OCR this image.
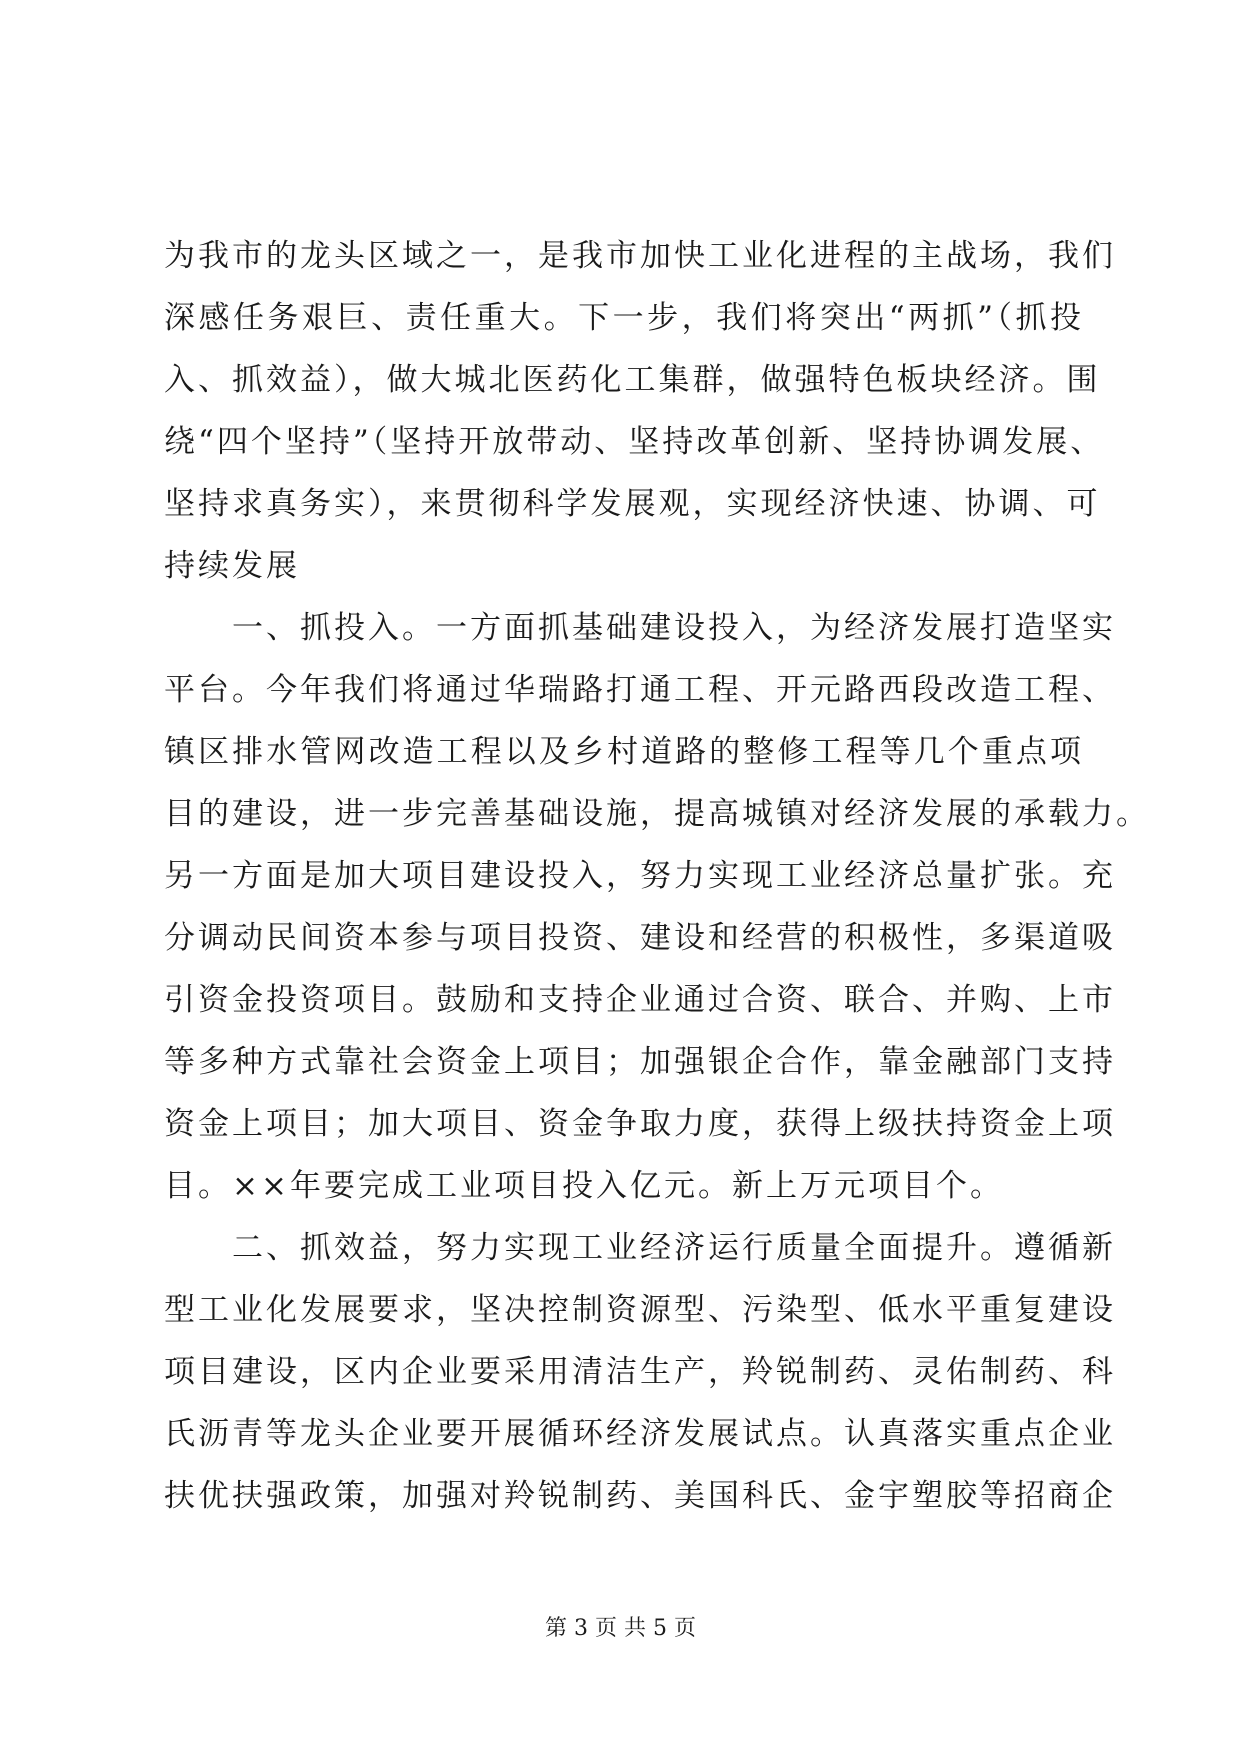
为我市的龙头区域之一，是我市加快工业化进程的主战场，我们

深感任务艰巨、责任重大。下一步，我们将突出“两抓”（抓投

入、抓效益），做大城北医药化工集群，做强特色板块经济。围

绕“四个坚持”（坚持开放带动、坚持改革创新、坚持协调发展、

坚持求真务实），来贯彻科学发展观，实现经济快速、协调、可

持续发展

　　一、抓投入。一方面抓基础建设投入，为经济发展打造坚实

平台。今年我们将通过华瑞路打通工程、开元路西段改造工程、

镇区排水管网改造工程以及乡村道路的整修工程等几个重点项

目的建设，进一步完善基础设施，提高城镇对经济发展的承载力。

另一方面是加大项目建设投入，努力实现工业经济总量扩张。充

分调动民间资本参与项目投资、建设和经营的积极性，多渠道吸

引资金投资项目。鼓励和支持企业通过合资、联合、并购、上市

等多种方式靠社会资金上项目；加强银企合作，靠金融部门支持

资金上项目；加大项目、资金争取力度，获得上级扶持资金上项

目。××年要完成工业项目投入亿元。新上万元项目个。

　　二、抓效益，努力实现工业经济运行质量全面提升。遵循新

型工业化发展要求，坚决控制资源型、污染型、低水平重复建设

项目建设，区内企业要采用清洁生产，羚锐制药、灵佑制药、科

氏沥青等龙头企业要开展循环经济发展试点。认真落实重点企业

扶优扶强政策，加强对羚锐制药、美国科氏、金宇塑胶等招商企

第 3 页 共 5 页
